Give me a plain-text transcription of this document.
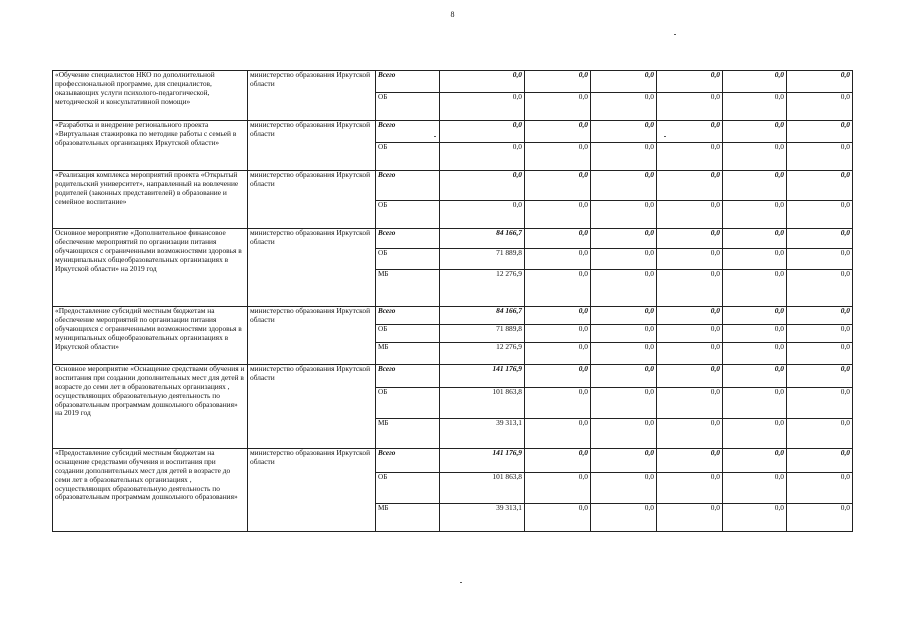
8
«Обучение специалистов НКО по дополнительной профессиональной программе, для специалистов, оказывающих услуги психолого-педагогической, методической и консультативной помощи»	министерство образования Иркутской области	Всего	0,0	0,0	0,0	0,0	0,0	0,0
		ОБ	0,0	0,0	0,0	0,0	0,0	0,0
«Разработка и внедрение регионального проекта «Виртуальная стажировка по методике работы с семьей в образовательных организациях Иркутской области»	министерство образования Иркутской области	Всего	0,0	0,0	0,0	0,0	0,0	0,0
		ОБ	0,0	0,0	0,0	0,0	0,0	0,0
«Реализация комплекса мероприятий проекта «Открытый родительский университет», направленный на вовлечение родителей (законных представителей) в образование и семейное воспитание»	министерство образования Иркутской области	Всего	0,0	0,0	0,0	0,0	0,0	0,0
		ОБ	0,0	0,0	0,0	0,0	0,0	0,0
Основное мероприятие «Дополнительное финансовое обеспечение мероприятий по организации питания обучающихся с ограниченными возможностями здоровья в муниципальных общеобразовательных организациях в Иркутской области» на 2019 год	министерство образования Иркутской области	Всего	84 166,7	0,0	0,0	0,0	0,0	0,0
		ОБ	71 889,8	0,0	0,0	0,0	0,0	0,0
		МБ	12 276,9	0,0	0,0	0,0	0,0	0,0
«Предоставление субсидий местным бюджетам на обеспечение мероприятий по организации питания обучающихся с ограниченными возможностями здоровья в муниципальных общеобразовательных организациях в Иркутской области»	министерство образования Иркутской области	Всего	84 166,7	0,0	0,0	0,0	0,0	0,0
		ОБ	71 889,8	0,0	0,0	0,0	0,0	0,0
		МБ	12 276,9	0,0	0,0	0,0	0,0	0,0
Основное мероприятие «Оснащение средствами обучения и воспитания при создании дополнительных мест для детей в возрасте до семи лет в образовательных организациях , осуществляющих образовательную деятельность по образовательным программам дошкольного образования» на 2019 год	министерство образования Иркутской области	Всего	141 176,9	0,0	0,0	0,0	0,0	0,0
		ОБ	101 863,8	0,0	0,0	0,0	0,0	0,0
		МБ	39 313,1	0,0	0,0	0,0	0,0	0,0
«Предоставление субсидий местным бюджетам на оснащение средствами обучения и воспитания при создании дополнительных мест для детей в возрасте до семи лет в образовательных организациях , осуществляющих образовательную деятельность по образовательным программам дошкольного образования»	министерство образования Иркутской области	Всего	141 176,9	0,0	0,0	0,0	0,0	0,0
		ОБ	101 863,8	0,0	0,0	0,0	0,0	0,0
		МБ	39 313,1	0,0	0,0	0,0	0,0	0,0
